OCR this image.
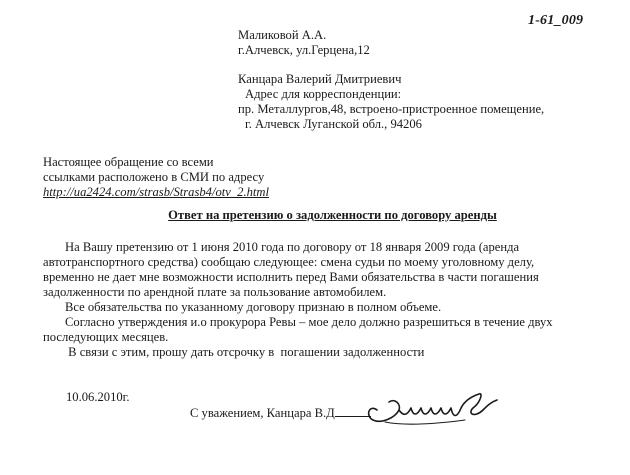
1-61_009
Маликовой А.А.
г.Алчевск, ул.Герцена,12
Канцара Валерий Дмитриевич
Адрес для корреспонденции:
пр. Металлургов,48, встроено-пристроенное помещение,
г. Алчевск Луганской обл., 94206
Настоящее обращение со всеми
ссылками расположено в СМИ по адресу
http://ua2424.com/strasb/Strasb4/otv_2.html
Ответ на претензию о задолженности по договору аренды
На Вашу претензию от 1 июня 2010 года по договору от 18 января 2009 года (аренда
автотранспортного средства) сообщаю следующее: смена судьи по моему уголовному делу,
временно не дает мне возможности исполнить перед Вами обязательства в части погашения
задолженности по арендной плате за пользование автомобилем.
Все обязательства по указанному договору признаю в полном объеме.
Согласно утверждения и.о прокурора Ревы – мое дело должно разрешиться в течение двух
последующих месяцев.
В связи с этим, прошу дать отсрочку в  погашении задолженности
10.06.2010г.
С уважением, Канцара В.Д
